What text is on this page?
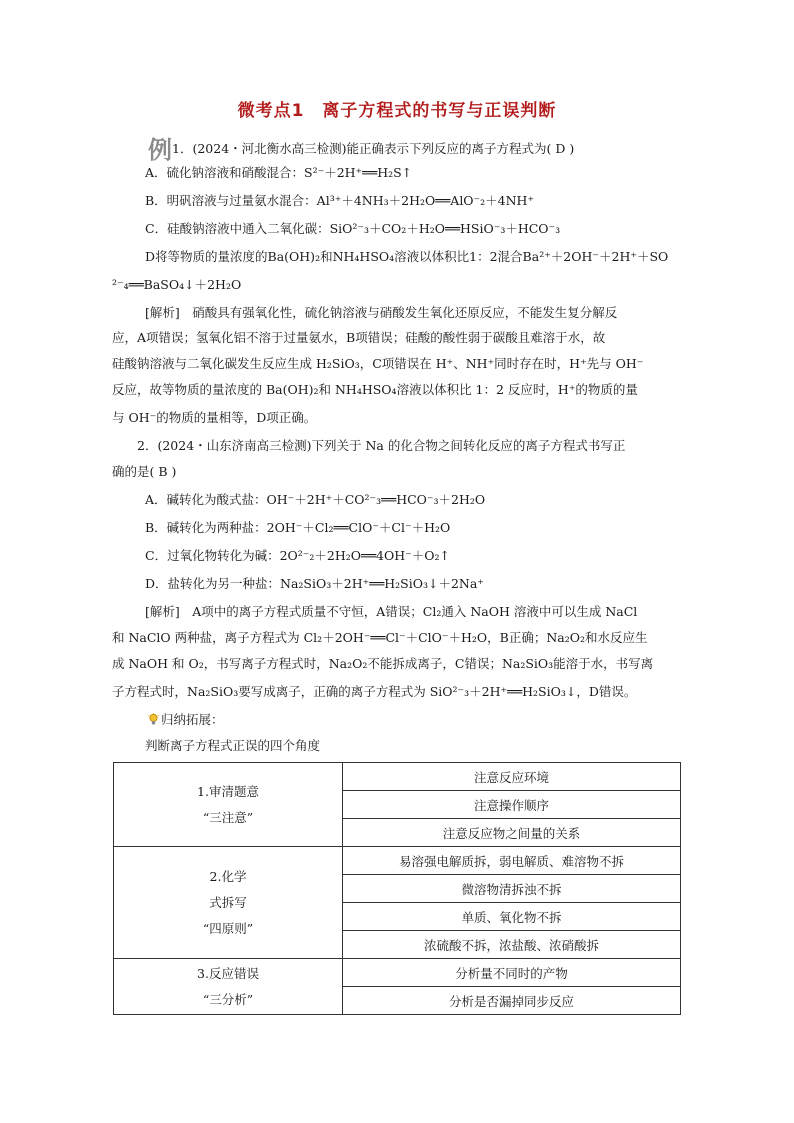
微考点1　离子方程式的书写与正误判断
例$^{1.(2024・河北衡水高三检测)能正确表示下列反应的离子方程式为( D )}$
A．硫化钠溶液和硝酸混合：S²⁻＋2H⁺══H₂S↑
B．明矾溶液与过量氨水混合：Al³⁺＋4NH₃＋2H₂O══AlO⁻₂＋4NH⁺
C．硅酸钠溶液中通入二氧化碳：SiO²⁻₃＋CO₂＋H₂O══HSiO⁻₃＋HCO⁻₃
D将等物质的量浓度的Ba(OH)₂和NH₄HSO₄溶液以体积比1：2混合Ba²⁺＋2OH⁻＋2H⁺＋SO
²⁻₄══BaSO₄↓＋2H₂O
[解析]　硝酸具有强氧化性，硫化钠溶液与硝酸发生氧化还原反应，不能发生复分解反
应，A项错误；氢氧化铝不溶于过量氨水，B项错误；硅酸的酸性弱于碳酸且难溶于水，故
硅酸钠溶液与二氧化碳发生反应生成 H₂SiO₃，C项错误在 H⁺、NH⁺同时存在时，H⁺先与 OH⁻
反应，故等物质的量浓度的 Ba(OH)₂和 NH₄HSO₄溶液以体积比 1：2 反应时，H⁺的物质的量
与 OH⁻的物质的量相等，D项正确。
2．(2024・山东济南高三检测)下列关于 Na 的化合物之间转化反应的离子方程式书写正
确的是( B )
A．碱转化为酸式盐：OH⁻＋2H⁺＋CO²⁻₃══HCO⁻₃＋2H₂O
B．碱转化为两种盐：2OH⁻＋Cl₂══ClO⁻＋Cl⁻＋H₂O
C．过氧化物转化为碱：2O²⁻₂＋2H₂O══4OH⁻＋O₂↑
D．盐转化为另一种盐：Na₂SiO₃＋2H⁺══H₂SiO₃↓＋2Na⁺
[解析]　A项中的离子方程式质量不守恒，A错误；Cl₂通入 NaOH 溶液中可以生成 NaCl
和 NaClO 两种盐，离子方程式为 Cl₂＋2OH⁻══Cl⁻＋ClO⁻＋H₂O，B正确；Na₂O₂和水反应生
成 NaOH 和 O₂，书写离子方程式时，Na₂O₂不能拆成离子，C错误；Na₂SiO₃能溶于水，书写离
子方程式时，Na₂SiO₃要写成离子，正确的离子方程式为 SiO²⁻₃＋2H⁺══H₂SiO₃↓，D错误。
归纳拓展：
判断离子方程式正误的四个角度
1.审清题意
“三注意”	注意反应环境
	注意操作顺序
	注意反应物之间量的关系

2.化学
式拆写
“四原则”	易溶强电解质拆，弱电解质、难溶物不拆
	微溶物清拆浊不拆
	单质、氧化物不拆
	浓硫酸不拆，浓盐酸、浓硝酸拆

3.反应错误
“三分析”	分析量不同时的产物
	分析是否漏掉同步反应
